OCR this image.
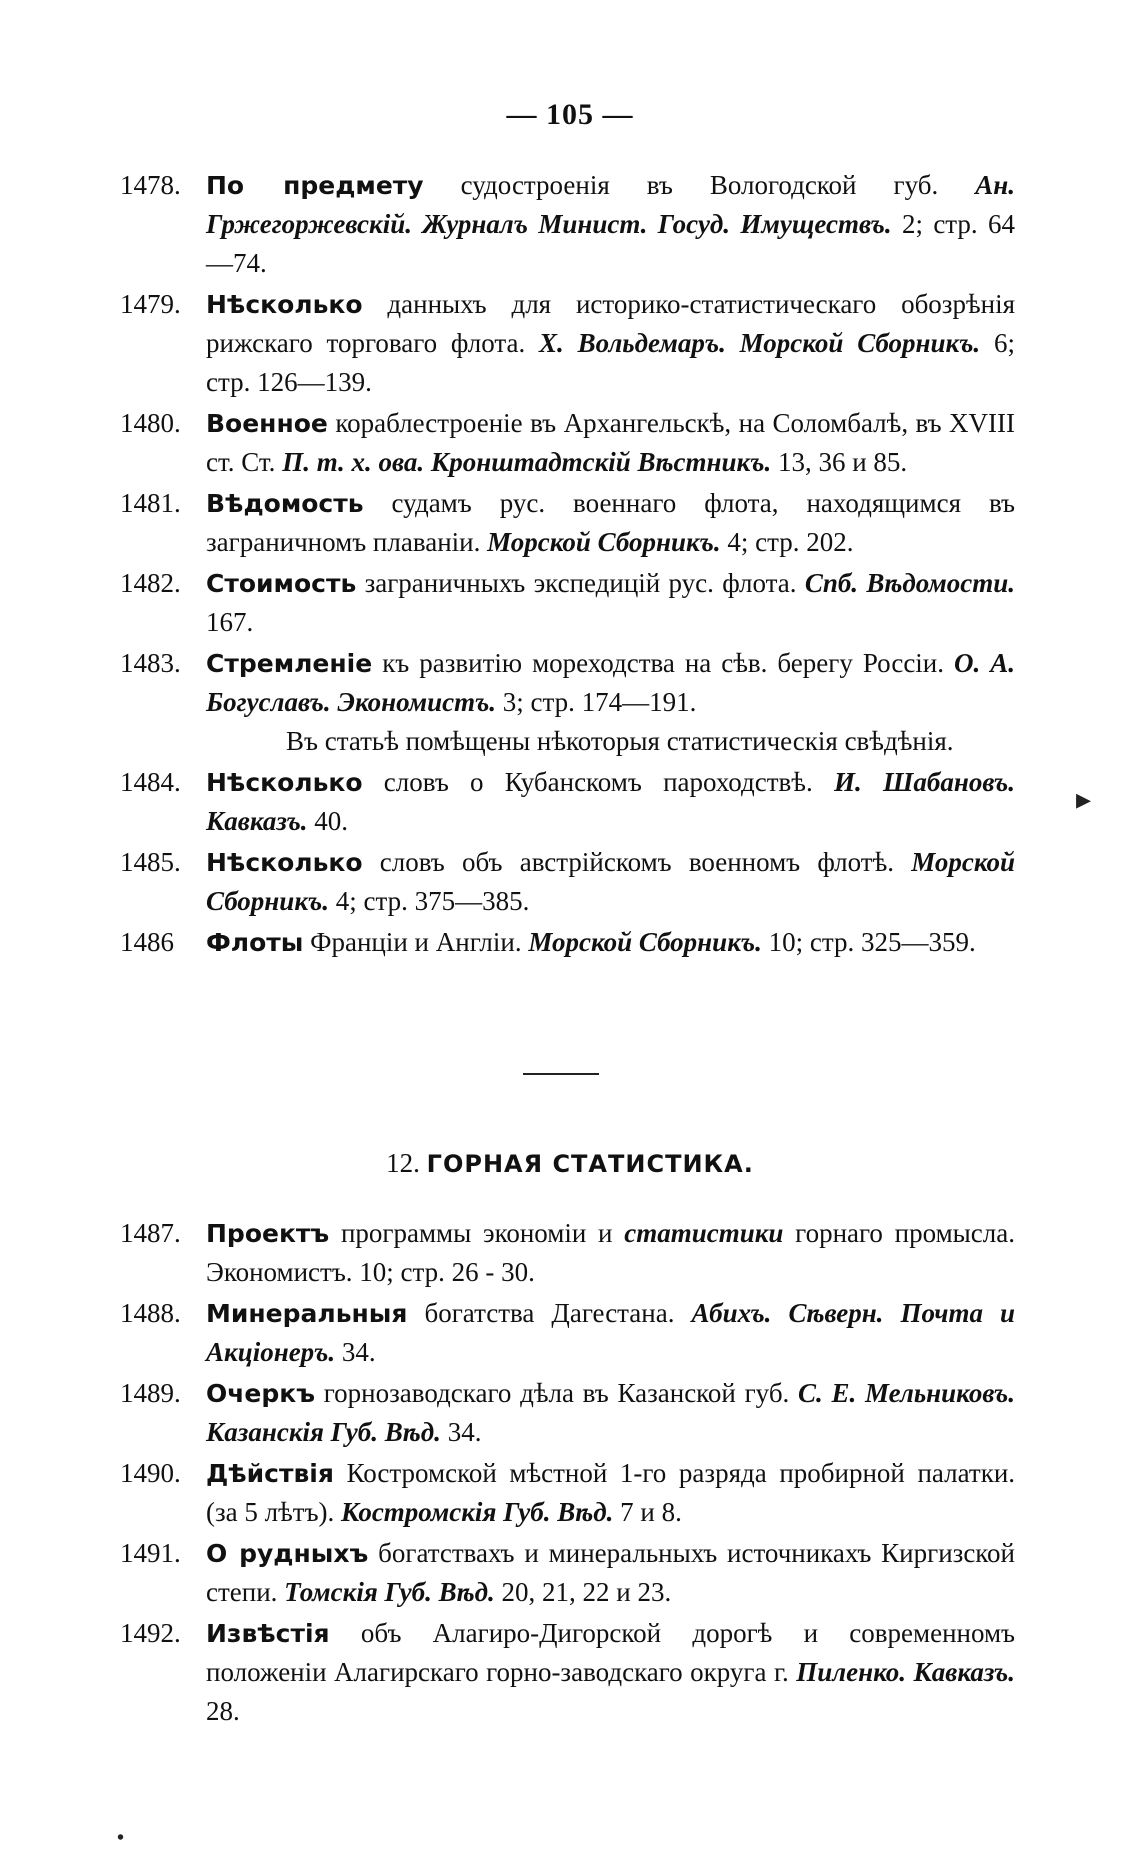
— 105 —
1478.	По предмету судостроенія въ Вологодской губ. Ан. Гржегоржевскій. Журналъ Минист. Госуд. Имуществъ. 2; стр. 64—74.
1479.	Нѣсколько данныхъ для историко-статистическаго обозрѣнія рижскаго торговаго флота. Х. Вольдемаръ. Морской Сборникъ. 6; стр. 126—139.
1480.	Военное кораблестроеніе въ Архангельскѣ, на Соломбалѣ, въ XVIII ст. Ст. П. т. х. ова. Кронштадтскій Вѣстникъ. 13, 36 и 85.
1481.	Вѣдомость судамъ рус. военнаго флота, находящимся въ заграничномъ плаваніи. Морской Сборникъ. 4; стр. 202.
1482.	Стоимость заграничныхъ экспедицій рус. флота. Спб. Вѣдомости. 167.
1483.	Стремленіе къ развитію мореходства на сѣв. берегу Россіи. О. А. Богуславъ. Экономистъ. 3; стр. 174—191.
Въ статьѣ помѣщены нѣкоторыя статистическія свѣдѣнія.
1484.	Нѣсколько словъ о Кубанскомъ пароходствѣ. И. Шабановъ. Кавказъ. 40.
1485.	Нѣсколько словъ объ австрійскомъ военномъ флотѣ. Морской Сборникъ. 4; стр. 375—385.
1486	Флоты Франціи и Англіи. Морской Сборникъ. 10; стр. 325—359.
12. ГОРНАЯ СТАТИСТИКА.
1487.	Проектъ программы экономіи и статистики горнаго промысла. Экономистъ. 10; стр. 26 - 30.
1488.	Минеральныя богатства Дагестана. Абихъ. Сѣверн. Почта и Акціонеръ. 34.
1489.	Очеркъ горнозаводскаго дѣла въ Казанской губ. С. Е. Мельниковъ. Казанскія Губ. Вѣд. 34.
1490.	Дѣйствія Костромской мѣстной 1-го разряда пробирной палатки. (за 5 лѣтъ). Костромскія Губ. Вѣд. 7 и 8.
1491.	О рудныхъ богатствахъ и минеральныхъ источникахъ Киргизской степи. Томскія Губ. Вѣд. 20, 21, 22 и 23.
1492.	Извѣстія объ Алагиро-Дигорской дорогѣ и современномъ положеніи Алагирскаго горно-заводскаго округа г. Пиленко. Кавказъ. 28.
▸
•
